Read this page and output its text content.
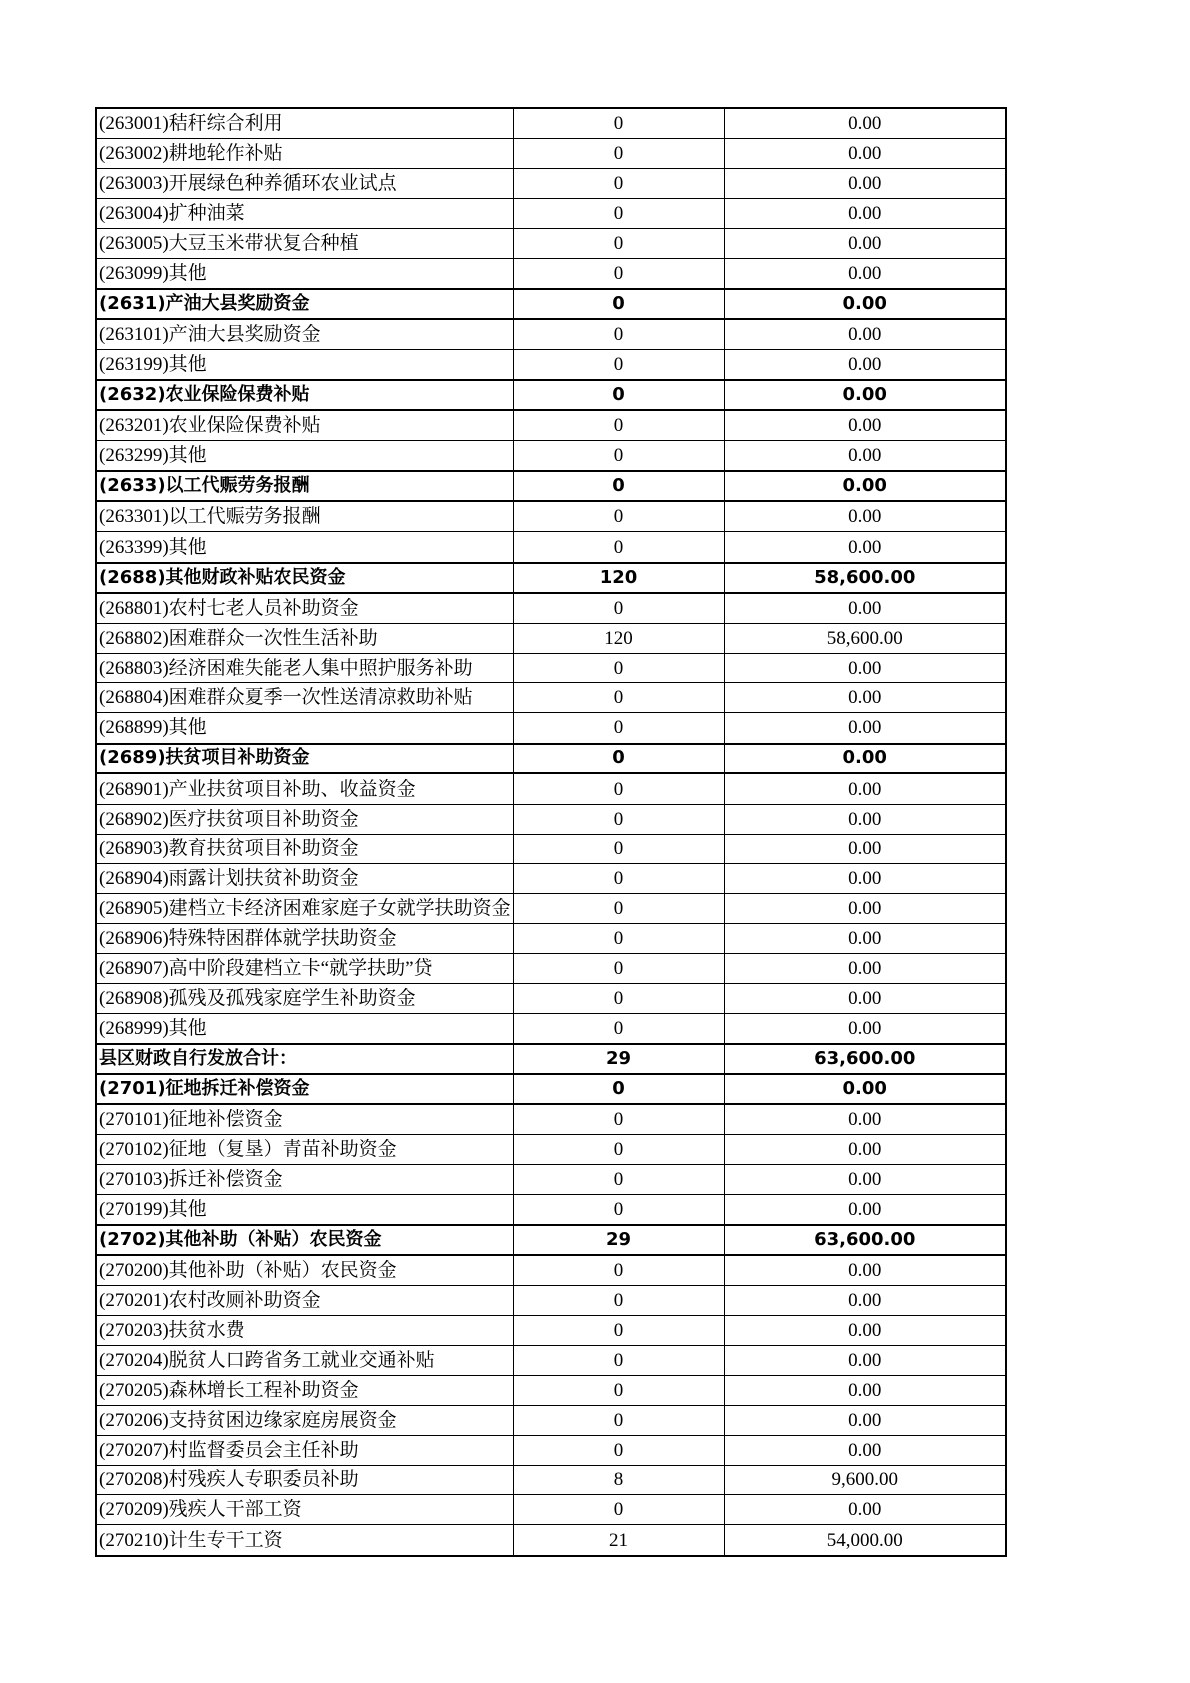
(263001)秸秆综合利用	0	0.00
(263002)耕地轮作补贴	0	0.00
(263003)开展绿色种养循环农业试点	0	0.00
(263004)扩种油菜	0	0.00
(263005)大豆玉米带状复合种植	0	0.00
(263099)其他	0	0.00
(2631)产油大县奖励资金	0	0.00
(263101)产油大县奖励资金	0	0.00
(263199)其他	0	0.00
(2632)农业保险保费补贴	0	0.00
(263201)农业保险保费补贴	0	0.00
(263299)其他	0	0.00
(2633)以工代赈劳务报酬	0	0.00
(263301)以工代赈劳务报酬	0	0.00
(263399)其他	0	0.00
(2688)其他财政补贴农民资金	120	58,600.00
(268801)农村七老人员补助资金	0	0.00
(268802)困难群众一次性生活补助	120	58,600.00
(268803)经济困难失能老人集中照护服务补助	0	0.00
(268804)困难群众夏季一次性送清凉救助补贴	0	0.00
(268899)其他	0	0.00
(2689)扶贫项目补助资金	0	0.00
(268901)产业扶贫项目补助、收益资金	0	0.00
(268902)医疗扶贫项目补助资金	0	0.00
(268903)教育扶贫项目补助资金	0	0.00
(268904)雨露计划扶贫补助资金	0	0.00
(268905)建档立卡经济困难家庭子女就学扶助资金	0	0.00
(268906)特殊特困群体就学扶助资金	0	0.00
(268907)高中阶段建档立卡“就学扶助”贷	0	0.00
(268908)孤残及孤残家庭学生补助资金	0	0.00
(268999)其他	0	0.00
县区财政自行发放合计：	29	63,600.00
(2701)征地拆迁补偿资金	0	0.00
(270101)征地补偿资金	0	0.00
(270102)征地（复垦）青苗补助资金	0	0.00
(270103)拆迁补偿资金	0	0.00
(270199)其他	0	0.00
(2702)其他补助（补贴）农民资金	29	63,600.00
(270200)其他补助（补贴）农民资金	0	0.00
(270201)农村改厕补助资金	0	0.00
(270203)扶贫水费	0	0.00
(270204)脱贫人口跨省务工就业交通补贴	0	0.00
(270205)森林增长工程补助资金	0	0.00
(270206)支持贫困边缘家庭房展资金	0	0.00
(270207)村监督委员会主任补助	0	0.00
(270208)村残疾人专职委员补助	8	9,600.00
(270209)残疾人干部工资	0	0.00
(270210)计生专干工资	21	54,000.00
